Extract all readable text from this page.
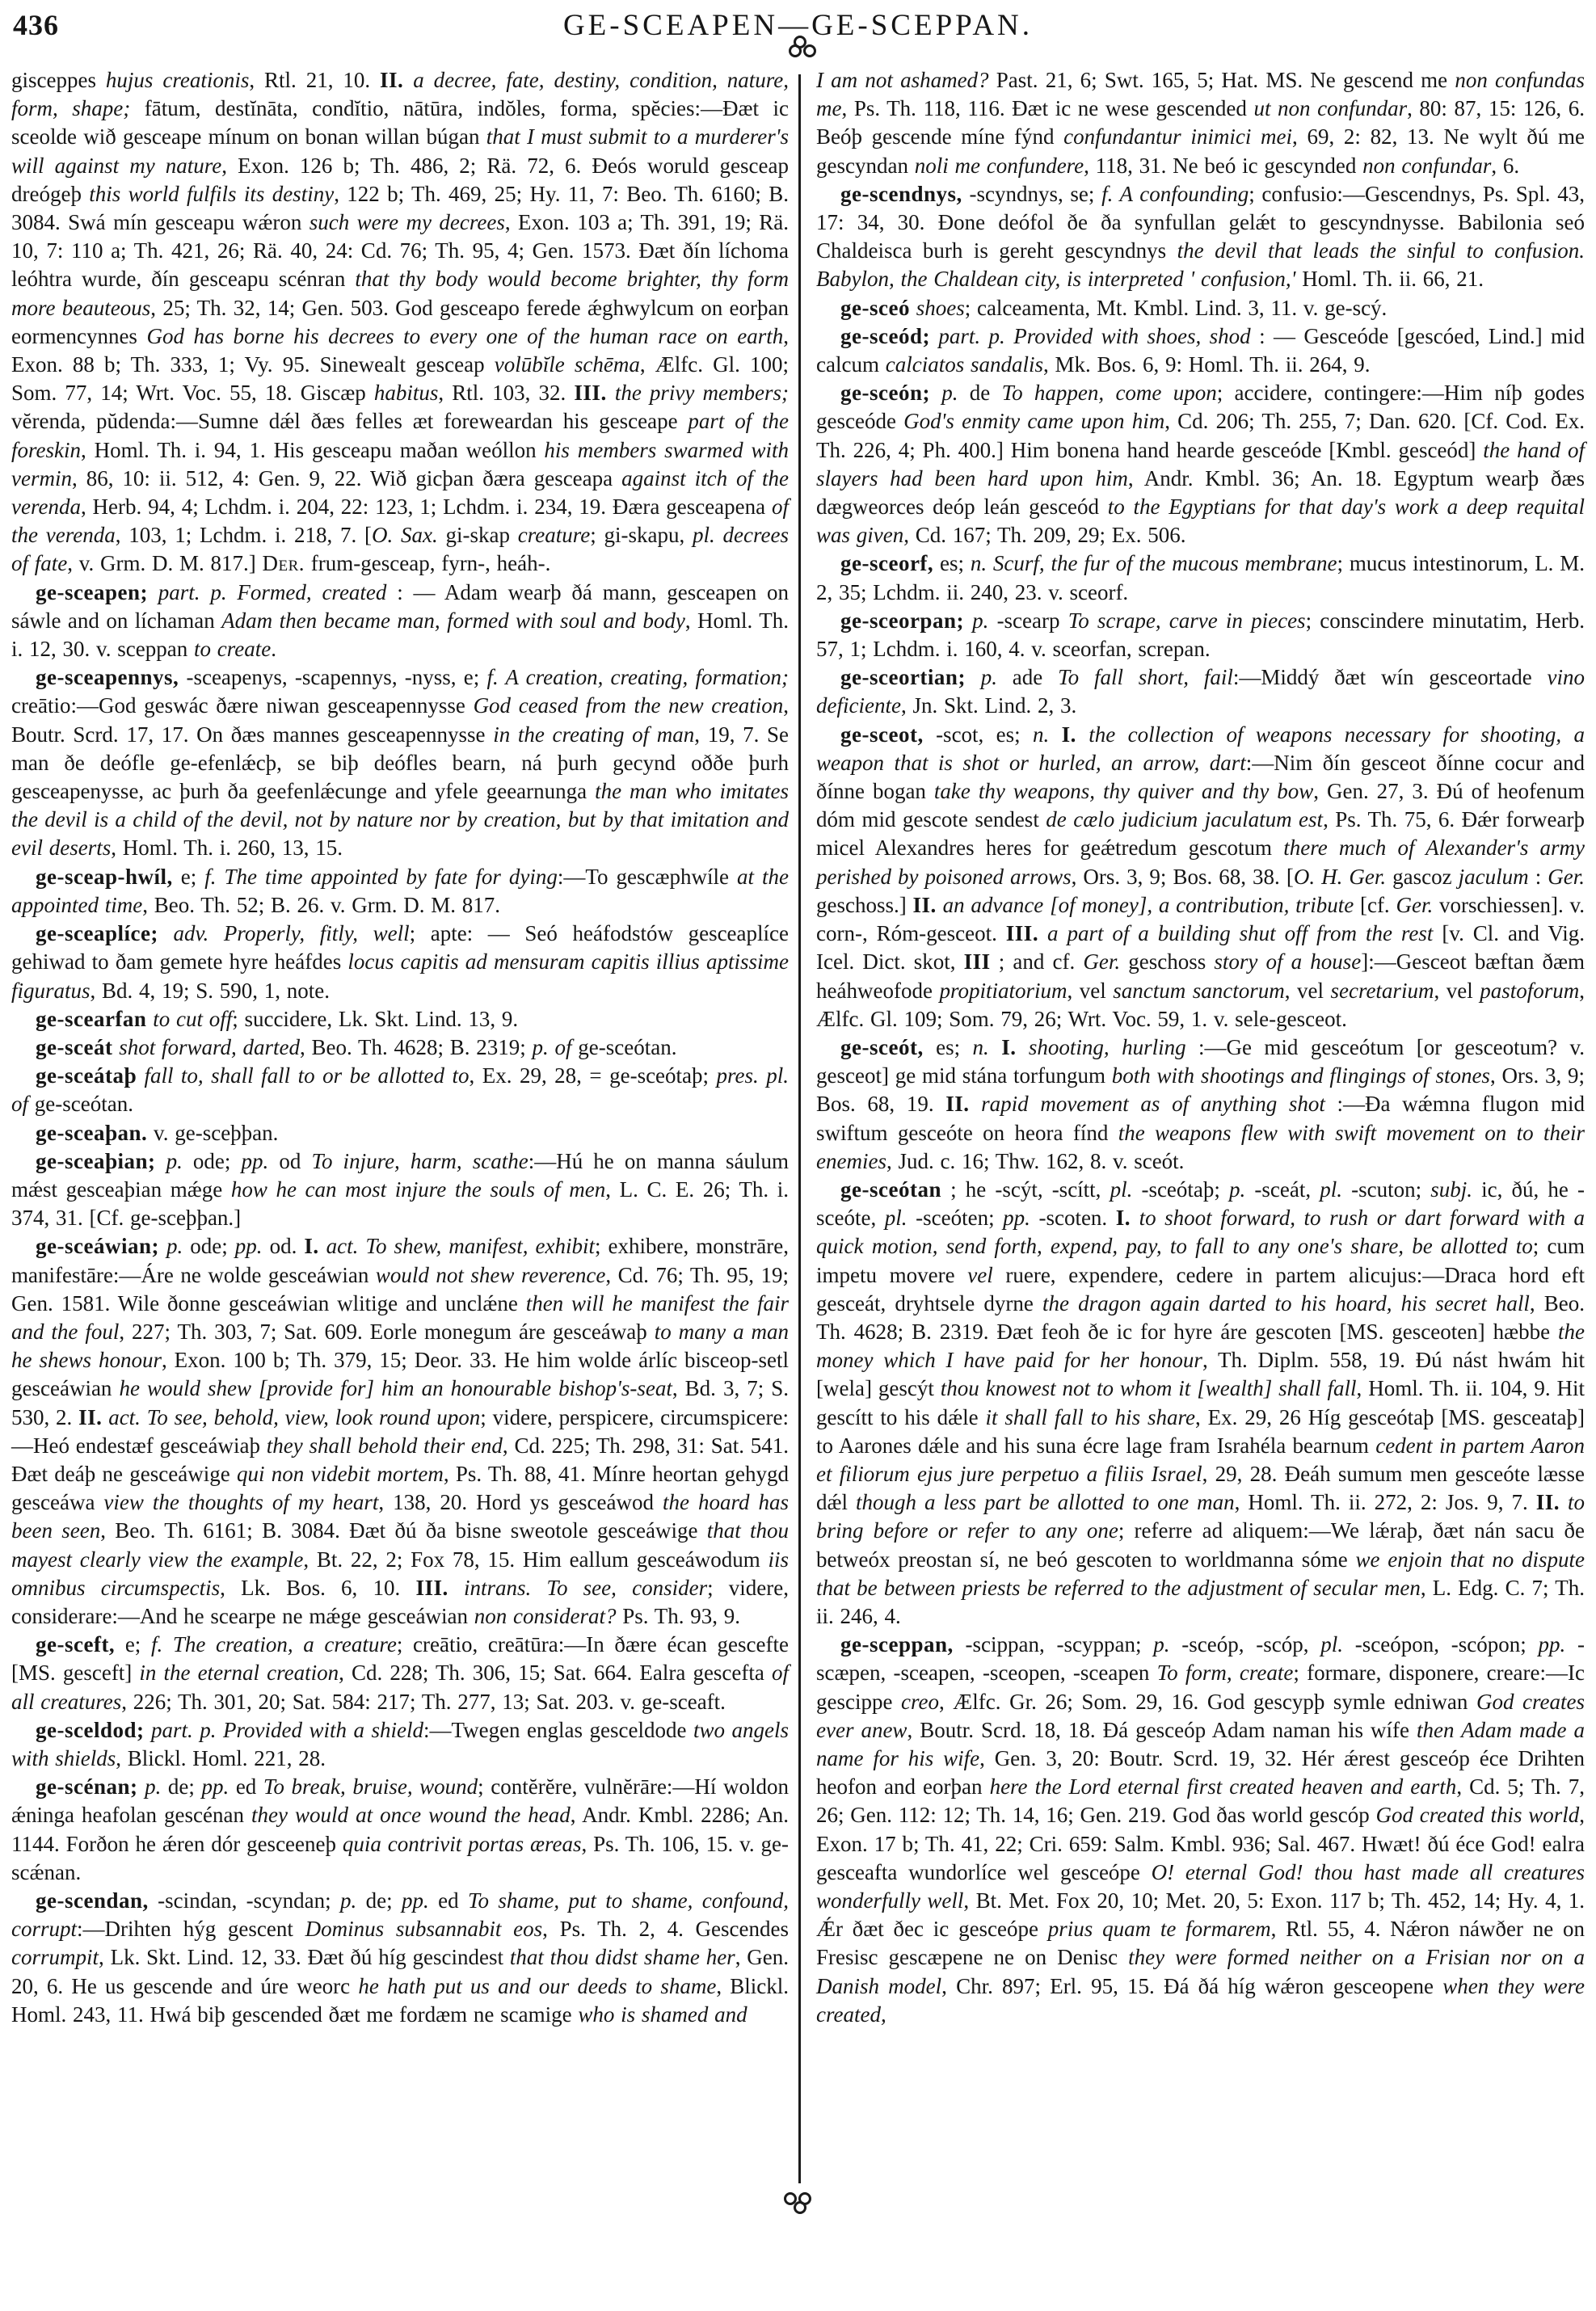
436	GE-SCEAPEN—GE-SCEPPAN.

gisceppes hujus creationis, Rtl. 21, 10. II. a decree, fate, destiny, condition, nature, form, shape; fātum, destĭnāta, condĭtio, nātūra, indŏles, forma, spĕcies:—Ðæt ic sceolde wið gesceape mínum on bonan willan búgan that I must submit to a murderer's will against my nature, Exon. 126 b; Th. 486, 2; Rä. 72, 6. Ðeós woruld gesceap dreógeþ this world fulfils its destiny, 122 b; Th. 469, 25; Hy. 11, 7: Beo. Th. 6160; B. 3084. Swá mín gesceapu wǽron such were my decrees, Exon. 103 a; Th. 391, 19; Rä. 10, 7: 110 a; Th. 421, 26; Rä. 40, 24: Cd. 76; Th. 95, 4; Gen. 1573. Ðæt ðín líchoma leóhtra wurde, ðín gesceapu scénran that thy body would become brighter, thy form more beauteous, 25; Th. 32, 14; Gen. 503. God gesceapo ferede ǽghwylcum on eorþan eormencynnes God has borne his decrees to every one of the human race on earth, Exon. 88 b; Th. 333, 1; Vy. 95. Sinewealt gesceap volūbĭle schēma, Ælfc. Gl. 100; Som. 77, 14; Wrt. Voc. 55, 18. Giscæp habitus, Rtl. 103, 32. III. the privy members; vĕrenda, pŭdenda:—Sumne dǽl ðæs felles æt foreweardan his gesceape part of the foreskin, Homl. Th. i. 94, 1. His gesceapu maðan weóllon his members swarmed with vermin, 86, 10: ii. 512, 4: Gen. 9, 22. Wið gicþan ðæra gesceapa against itch of the verenda, Herb. 94, 4; Lchdm. i. 204, 22: 123, 1; Lchdm. i. 234, 19. Ðæra gesceapena of the verenda, 103, 1; Lchdm. i. 218, 7. [O. Sax. gi-skap creature; gi-skapu, pl. decrees of fate, v. Grm. D. M. 817.] Der. frum-gesceap, fyrn-, heáh-.

ge-sceapen; part. p. Formed, created : — Adam wearþ ðá mann, gesceapen on sáwle and on líchaman Adam then became man, formed with soul and body, Homl. Th. i. 12, 30. v. sceppan to create.

ge-sceapennys, -sceapenys, -scapennys, -nyss, e; f. A creation, creating, formation; creātio:—God geswác ðære niwan gesceapennysse God ceased from the new creation, Boutr. Scrd. 17, 17. On ðæs mannes gesceapennysse in the creating of man, 19, 7. Se man ðe deófle ge-efenlǽcþ, se biþ deófles bearn, ná þurh gecynd oððe þurh gesceapenysse, ac þurh ða geefenlǽcunge and yfele geearnunga the man who imitates the devil is a child of the devil, not by nature nor by creation, but by that imitation and evil deserts, Homl. Th. i. 260, 13, 15.

ge-sceap-hwíl, e; f. The time appointed by fate for dying:—To gescæphwíle at the appointed time, Beo. Th. 52; B. 26. v. Grm. D. M. 817.

ge-sceaplíce; adv. Properly, fitly, well; apte: — Seó heáfodstów gesceaplíce gehiwad to ðam gemete hyre heáfdes locus capitis ad mensuram capitis illius aptissime figuratus, Bd. 4, 19; S. 590, 1, note.

ge-scearfan to cut off; succidere, Lk. Skt. Lind. 13, 9.

ge-sceát shot forward, darted, Beo. Th. 4628; B. 2319; p. of ge-sceótan.

ge-sceátaþ fall to, shall fall to or be allotted to, Ex. 29, 28, = ge-sceótaþ; pres. pl. of ge-sceótan.

ge-sceaþan. v. ge-sceþþan.

ge-sceaþian; p. ode; pp. od To injure, harm, scathe:—Hú he on manna sáulum mǽst gesceaþian mǽge how he can most injure the souls of men, L. C. E. 26; Th. i. 374, 31. [Cf. ge-sceþþan.]

ge-sceáwian; p. ode; pp. od. I. act. To shew, manifest, exhibit; exhibere, monstrāre, manifestāre:—Áre ne wolde gesceáwian would not shew reverence, Cd. 76; Th. 95, 19; Gen. 1581. Wile ðonne gesceáwian wlitige and unclǽne then will he manifest the fair and the foul, 227; Th. 303, 7; Sat. 609. Eorle monegum áre gesceáwaþ to many a man he shews honour, Exon. 100 b; Th. 379, 15; Deor. 33. He him wolde árlíc bisceop-setl gesceáwian he would shew [provide for] him an honourable bishop's-seat, Bd. 3, 7; S. 530, 2. II. act. To see, behold, view, look round upon; videre, perspicere, circumspicere:—Heó endestæf gesceáwiaþ they shall behold their end, Cd. 225; Th. 298, 31: Sat. 541. Ðæt deáþ ne gesceáwige qui non videbit mortem, Ps. Th. 88, 41. Mínre heortan gehygd gesceáwa view the thoughts of my heart, 138, 20. Hord ys gesceáwod the hoard has been seen, Beo. Th. 6161; B. 3084. Ðæt ðú ða bisne sweotole gesceáwige that thou mayest clearly view the example, Bt. 22, 2; Fox 78, 15. Him eallum gesceáwodum iis omnibus circumspectis, Lk. Bos. 6, 10. III. intrans. To see, consider; videre, considerare:—And he scearpe ne mǽge gesceáwian non considerat? Ps. Th. 93, 9.

ge-sceft, e; f. The creation, a creature; creātio, creātūra:—In ðære écan gescefte [MS. gesceft] in the eternal creation, Cd. 228; Th. 306, 15; Sat. 664. Ealra gescefta of all creatures, 226; Th. 301, 20; Sat. 584: 217; Th. 277, 13; Sat. 203. v. ge-sceaft.

ge-sceldod; part. p. Provided with a shield:—Twegen englas gesceldode two angels with shields, Blickl. Homl. 221, 28.

ge-scénan; p. de; pp. ed To break, bruise, wound; contĕrĕre, vulnĕrāre:—Hí woldon ǽninga heafolan gescénan they would at once wound the head, Andr. Kmbl. 2286; An. 1144. Forðon he ǽren dór gesceeneþ quia contrivit portas æreas, Ps. Th. 106, 15. v. ge-scǽnan.

ge-scendan, -scindan, -scyndan; p. de; pp. ed To shame, put to shame, confound, corrupt:—Drihten hýg gescent Dominus subsannabit eos, Ps. Th. 2, 4. Gescendes corrumpit, Lk. Skt. Lind. 12, 33. Ðæt ðú híg gescindest that thou didst shame her, Gen. 20, 6. He us gescende and úre weorc he hath put us and our deeds to shame, Blickl. Homl. 243, 11. Hwá biþ gescended ðæt me fordæm ne scamige who is shamed and

I am not ashamed? Past. 21, 6; Swt. 165, 5; Hat. MS. Ne gescend me non confundas me, Ps. Th. 118, 116. Ðæt ic ne wese gescended ut non confundar, 80: 87, 15: 126, 6. Beóþ gescende míne fýnd confundantur inimici mei, 69, 2: 82, 13. Ne wylt ðú me gescyndan noli me confundere, 118, 31. Ne beó ic gescynded non confundar, 6.

ge-scendnys, -scyndnys, se; f. A confounding; confusio:—Gescendnys, Ps. Spl. 43, 17: 34, 30. Ðone deófol ðe ða synfullan gelǽt to gescyndnysse. Babilonia seó Chaldeisca burh is gereht gescyndnys the devil that leads the sinful to confusion. Babylon, the Chaldean city, is interpreted ' confusion,' Homl. Th. ii. 66, 21.

ge-sceó shoes; calceamenta, Mt. Kmbl. Lind. 3, 11. v. ge-scý.

ge-sceód; part. p. Provided with shoes, shod : — Gesceóde [gescóed, Lind.] mid calcum calciatos sandalis, Mk. Bos. 6, 9: Homl. Th. ii. 264, 9.

ge-sceón; p. de To happen, come upon; accidere, contingere:—Him níþ godes gesceóde God's enmity came upon him, Cd. 206; Th. 255, 7; Dan. 620. [Cf. Cod. Ex. Th. 226, 4; Ph. 400.] Him bonena hand hearde gesceóde [Kmbl. gesceód] the hand of slayers had been hard upon him, Andr. Kmbl. 36; An. 18. Egyptum wearþ ðæs dægweorces deóp leán gesceód to the Egyptians for that day's work a deep requital was given, Cd. 167; Th. 209, 29; Ex. 506.

ge-sceorf, es; n. Scurf, the fur of the mucous membrane; mucus intestinorum, L. M. 2, 35; Lchdm. ii. 240, 23. v. sceorf.

ge-sceorpan; p. -scearp To scrape, carve in pieces; conscindere minutatim, Herb. 57, 1; Lchdm. i. 160, 4. v. sceorfan, screpan.

ge-sceortian; p. ade To fall short, fail:—Middý ðæt wín gesceortade vino deficiente, Jn. Skt. Lind. 2, 3.

ge-sceot, -scot, es; n. I. the collection of weapons necessary for shooting, a weapon that is shot or hurled, an arrow, dart:—Nim ðín gesceot ðínne cocur and ðínne bogan take thy weapons, thy quiver and thy bow, Gen. 27, 3. Ðú of heofenum dóm mid gescote sendest de cælo judicium jaculatum est, Ps. Th. 75, 6. Ðǽr forwearþ micel Alexandres heres for geǽtredum gescotum there much of Alexander's army perished by poisoned arrows, Ors. 3, 9; Bos. 68, 38. [O. H. Ger. gascoz jaculum : Ger. geschoss.] II. an advance [of money], a contribution, tribute [cf. Ger. vorschiessen]. v. corn-, Róm-gesceot. III. a part of a building shut off from the rest [v. Cl. and Vig. Icel. Dict. skot, III ; and cf. Ger. geschoss story of a house]:—Gesceot bæftan ðæm heáhweofode propitiatorium, vel sanctum sanctorum, vel secretarium, vel pastoforum, Ælfc. Gl. 109; Som. 79, 26; Wrt. Voc. 59, 1. v. sele-gesceot.

ge-sceót, es; n. I. shooting, hurling :—Ge mid gesceótum [or gesceotum? v. gesceot] ge mid stána torfungum both with shootings and flingings of stones, Ors. 3, 9; Bos. 68, 19. II. rapid movement as of anything shot :—Ða wǽmna flugon mid swiftum gesceóte on heora fínd the weapons flew with swift movement on to their enemies, Jud. c. 16; Thw. 162, 8. v. sceót.

ge-sceótan ; he -scýt, -scítt, pl. -sceótaþ; p. -sceát, pl. -scuton; subj. ic, ðú, he -sceóte, pl. -sceóten; pp. -scoten. I. to shoot forward, to rush or dart forward with a quick motion, send forth, expend, pay, to fall to any one's share, be allotted to; cum impetu movere vel ruere, expendere, cedere in partem alicujus:—Draca hord eft gesceát, dryhtsele dyrne the dragon again darted to his hoard, his secret hall, Beo. Th. 4628; B. 2319. Ðæt feoh ðe ic for hyre áre gescoten [MS. gesceoten] hæbbe the money which I have paid for her honour, Th. Diplm. 558, 19. Ðú nást hwám hit [wela] gescýt thou knowest not to whom it [wealth] shall fall, Homl. Th. ii. 104, 9. Hit gescítt to his dǽle it shall fall to his share, Ex. 29, 26 Híg gesceótaþ [MS. gesceataþ] to Aarones dǽle and his suna écre lage fram Israhéla bearnum cedent in partem Aaron et filiorum ejus jure perpetuo a filiis Israel, 29, 28. Ðeáh sumum men gesceóte læsse dǽl though a less part be allotted to one man, Homl. Th. ii. 272, 2: Jos. 9, 7. II. to bring before or refer to any one; referre ad aliquem:—We lǽraþ, ðæt nán sacu ðe betweóx preostan sí, ne beó gescoten to worldmanna sóme we enjoin that no dispute that be between priests be referred to the adjustment of secular men, L. Edg. C. 7; Th. ii. 246, 4.

ge-sceppan, -scippan, -scyppan; p. -sceóp, -scóp, pl. -sceópon, -scópon; pp. -scæpen, -sceapen, -sceopen, -sceapen To form, create; formare, disponere, creare:—Ic gescippe creo, Ælfc. Gr. 26; Som. 29, 16. God gescypþ symle edniwan God creates ever anew, Boutr. Scrd. 18, 18. Ðá gesceóp Adam naman his wífe then Adam made a name for his wife, Gen. 3, 20: Boutr. Scrd. 19, 32. Hér ǽrest gesceóp éce Drihten heofon and eorþan here the Lord eternal first created heaven and earth, Cd. 5; Th. 7, 26; Gen. 112: 12; Th. 14, 16; Gen. 219. God ðas world gescóp God created this world, Exon. 17 b; Th. 41, 22; Cri. 659: Salm. Kmbl. 936; Sal. 467. Hwæt! ðú éce God! ealra gesceafta wundorlíce wel gesceópe O! eternal God! thou hast made all creatures wonderfully well, Bt. Met. Fox 20, 10; Met. 20, 5: Exon. 117 b; Th. 452, 14; Hy. 4, 1. Ǽr ðæt ðec ic gesceópe prius quam te formarem, Rtl. 55, 4. Nǽron náwðer ne on Fresisc gescæpene ne on Denisc they were formed neither on a Frisian nor on a Danish model, Chr. 897; Erl. 95, 15. Ðá ðá híg wǽron gesceopene when they were created,
